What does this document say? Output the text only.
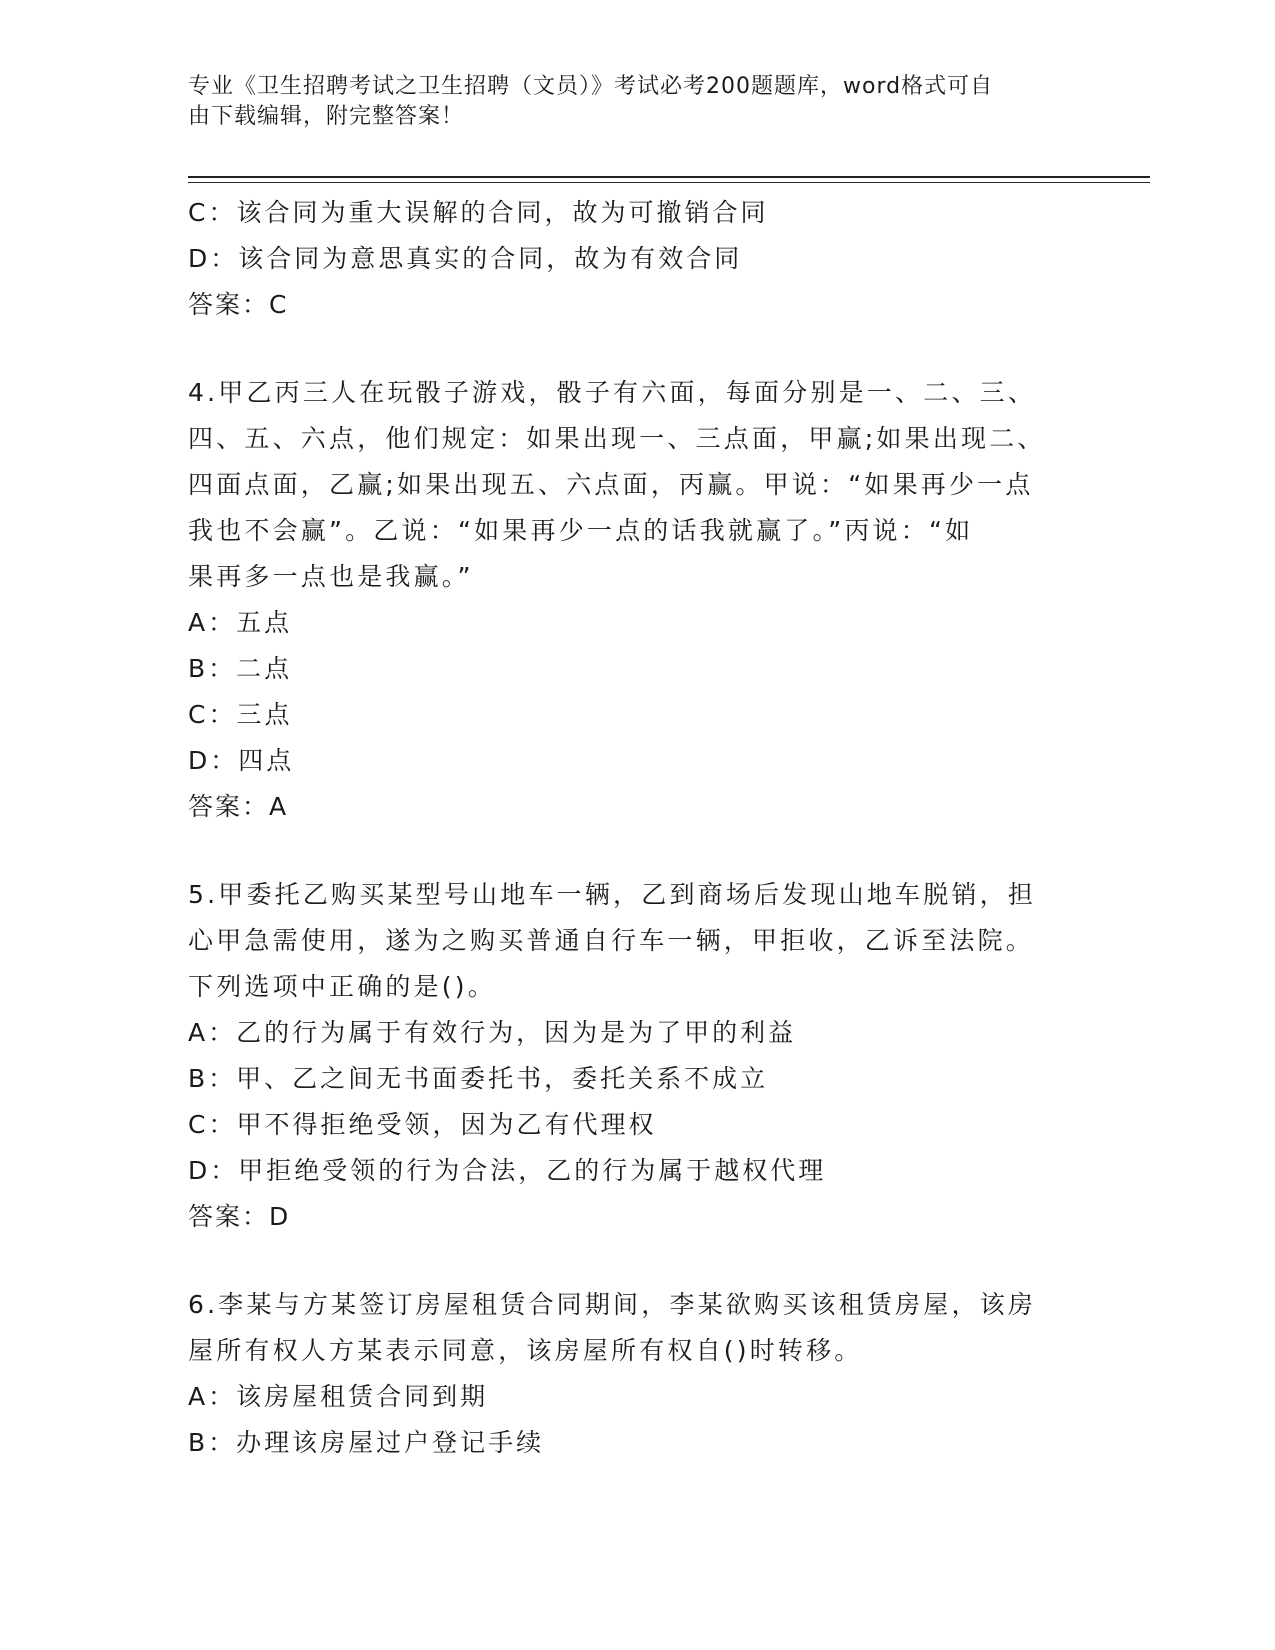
专业《卫生招聘考试之卫生招聘（文员）》考试必考200题题库，word格式可自
由下载编辑，附完整答案！
C：该合同为重大误解的合同，故为可撤销合同
D：该合同为意思真实的合同，故为有效合同
答案：C
4.甲乙丙三人在玩骰子游戏，骰子有六面，每面分别是一、二、三、
四、五、六点，他们规定：如果出现一、三点面，甲赢;如果出现二、
四面点面，乙赢;如果出现五、六点面，丙赢。甲说：“如果再少一点
我也不会赢”。乙说：“如果再少一点的话我就赢了。”丙说：“如
果再多一点也是我赢。”
A：五点
B：二点
C：三点
D：四点
答案：A
5.甲委托乙购买某型号山地车一辆，乙到商场后发现山地车脱销，担
心甲急需使用，遂为之购买普通自行车一辆，甲拒收，乙诉至法院。
下列选项中正确的是()。
A：乙的行为属于有效行为，因为是为了甲的利益
B：甲、乙之间无书面委托书，委托关系不成立
C：甲不得拒绝受领，因为乙有代理权
D：甲拒绝受领的行为合法，乙的行为属于越权代理
答案：D
6.李某与方某签订房屋租赁合同期间，李某欲购买该租赁房屋，该房
屋所有权人方某表示同意，该房屋所有权自()时转移。
A：该房屋租赁合同到期
B：办理该房屋过户登记手续
